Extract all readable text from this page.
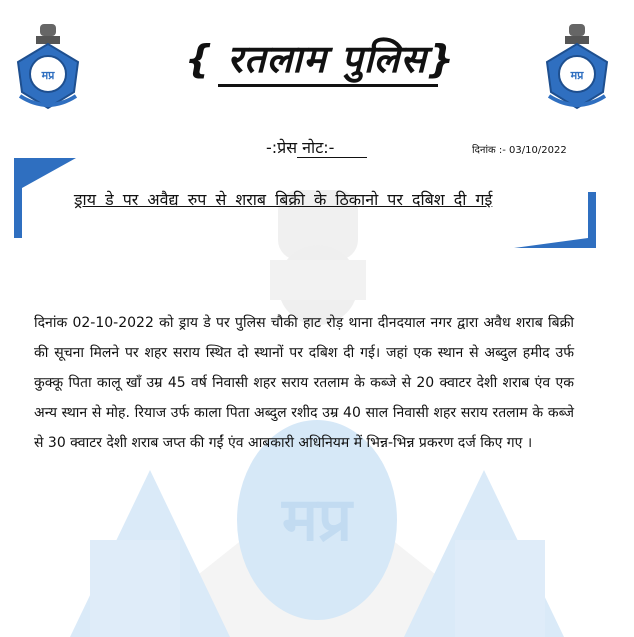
मप्र
मप्र	मप्र
{ रतलाम पुलिस}
-:प्रेस नोट:-	दिनांक :- 03/10/2022
ड्राय डे पर अवैद्य रुप से शराब बिक्री के ठिकानो पर दबिश दी गई
दिनांक 02-10-2022 को ड्राय डे पर पुलिस चौकी हाट रोड़ थाना दीनदयाल नगर द्वारा अवैध शराब बिक्री की सूचना मिलने पर शहर सराय स्थित दो स्थानों पर दबिश दी गई। जहां एक स्थान से अब्दुल हमीद उर्फ कुक्कू पिता कालू खाँ उम्र 45 वर्ष निवासी शहर सराय रतलाम के कब्जे से 20 क्वाटर देशी शराब एंव एक अन्य स्थान से मोह. रियाज उर्फ काला पिता अब्दुल रशीद उम्र 40 साल निवासी शहर सराय रतलाम के कब्जे से 30 क्वाटर देशी शराब जप्त की गईं एंव आबकारी अधिनियम में भिन्न-भिन्न प्रकरण दर्ज किए गए ।
